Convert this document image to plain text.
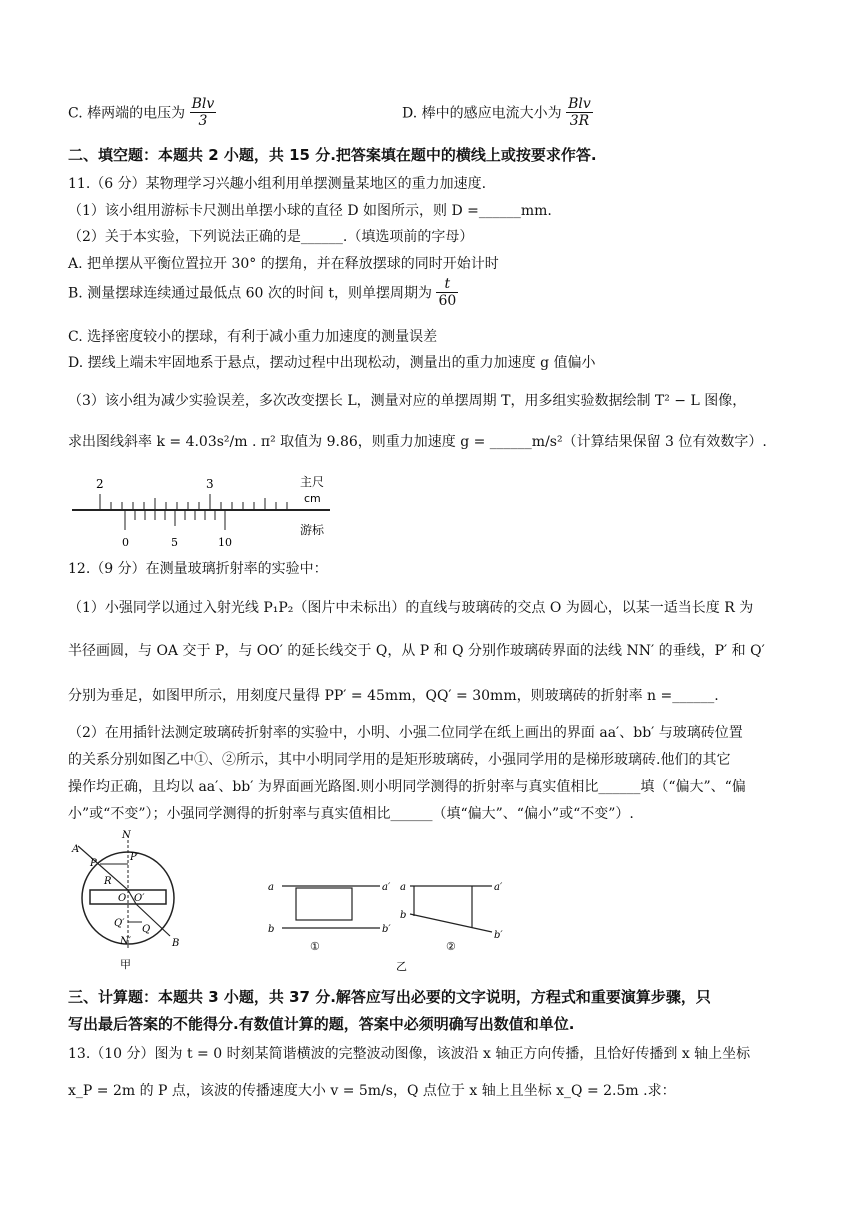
C. 棒两端的电压为 $\frac{\text{Blv}}{3}$	D. 棒中的感应电流大小为 $\frac{\text{Blv}}{3R}$
二、填空题：本题共 2 小题，共 15 分.把答案填在题中的横线上或按要求作答.
11.（6 分）某物理学习兴趣小组利用单摆测量某地区的重力加速度.
（1）该小组用游标卡尺测出单摆小球的直径 D 如图所示，则 D =______mm.
（2）关于本实验，下列说法正确的是______.（填选项前的字母）
A. 把单摆从平衡位置拉开 30° 的摆角，并在释放摆球的同时开始计时
B. 测量摆球连续通过最低点 60 次的时间 t，则单摆周期为 $\frac{t}{60}$
C. 选择密度较小的摆球，有利于减小重力加速度的测量误差
D. 摆线上端未牢固地系于悬点，摆动过程中出现松动，测量出的重力加速度 g 值偏小
（3）该小组为减少实验误差，多次改变摆长 L，测量对应的单摆周期 T，用多组实验数据绘制 T² − L 图像，
求出图线斜率 k = 4.03s²/m . π² 取值为 9.86，则重力加速度 g = ______m/s²（计算结果保留 3 位有效数字）.
2	3
0	5	10
主尺
cm
游标
12.（9 分）在测量玻璃折射率的实验中：
（1）小强同学以通过入射光线 P₁P₂（图片中未标出）的直线与玻璃砖的交点 O 为圆心，以某一适当长度 R 为
半径画圆，与 OA 交于 P，与 OO′ 的延长线交于 Q，从 P 和 Q 分别作玻璃砖界面的法线 NN′ 的垂线，P′ 和 Q′
分别为垂足，如图甲所示，用刻度尺量得 PP′ = 45mm，QQ′ = 30mm，则玻璃砖的折射率 n =______.
（2）在用插针法测定玻璃砖折射率的实验中，小明、小强二位同学在纸上画出的界面 aa′、bb′ 与玻璃砖位置
的关系分别如图乙中①、②所示，其中小明同学用的是矩形玻璃砖，小强同学用的是梯形玻璃砖.他们的其它
操作均正确，且均以 aa′、bb′ 为界面画光路图.则小明同学测得的折射率与真实值相比______填（“偏大”、“偏
小”或“不变”）；小强同学测得的折射率与真实值相比______（填“偏大”、“偏小”或“不变”）.
N
A
P
P′
R
O O′
Q′
Q
N′	B
甲
a	a′
b	b′
①
a	a′
b
b′
②
乙
三、计算题：本题共 3 小题，共 37 分.解答应写出必要的文字说明，方程式和重要演算步骤，只
写出最后答案的不能得分.有数值计算的题，答案中必须明确写出数值和单位.
13.（10 分）图为 t = 0 时刻某简谐横波的完整波动图像，该波沿 x 轴正方向传播，且恰好传播到 x 轴上坐标
x_P = 2m 的 P 点，该波的传播速度大小 v = 5m/s，Q 点位于 x 轴上且坐标 x_Q = 2.5m .求：
